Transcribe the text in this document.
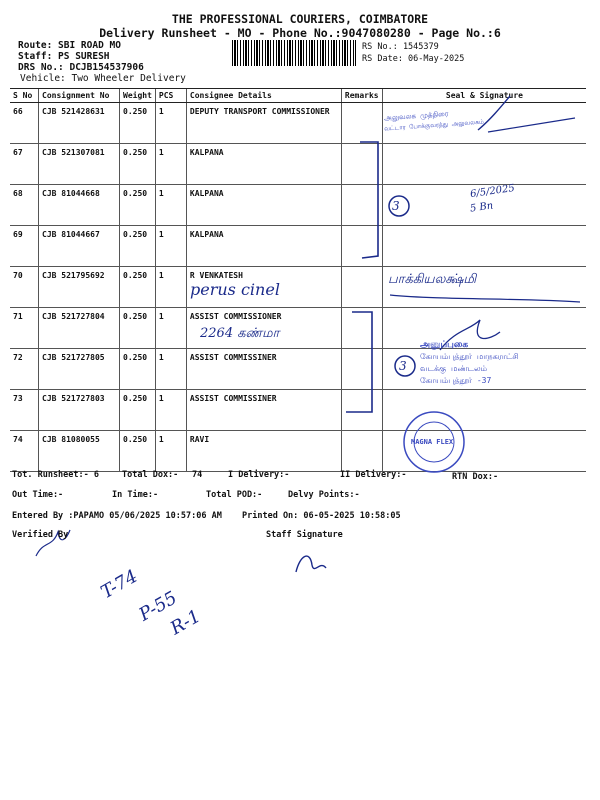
THE PROFESSIONAL COURIERS, COIMBATORE
Delivery Runsheet - MO - Phone No.:9047080280 - Page No.:6
Route: SBI ROAD MO
Staff: PS SURESH
DRS No.: DCJB154537906
Vehicle: Two Wheeler Delivery
RS No.: 1545379
RS Date: 06-May-2025
S No	Consignment No	Weight	PCS	Consignee Details	Remarks	Seal & Signature
66	CJB 521428631	0.250	1	DEPUTY TRANSPORT COMMISSIONER		
67	CJB 521307081	0.250	1	KALPANA		
68	CJB 81044668	0.250	1	KALPANA		
69	CJB 81044667	0.250	1	KALPANA		
70	CJB 521795692	0.250	1	R VENKATESH		
71	CJB 521727804	0.250	1	ASSIST COMMISSIONER		
72	CJB 521727805	0.250	1	ASSIST COMMISSINER		
73	CJB 521727803	0.250	1	ASSIST COMMISSINER		
74	CJB 81080055	0.250	1	RAVI		
3
3
6/5/2025
5 Bn
perus cinel
பாக்கியலக்ஷ்மி
2264 கண்மா
அலுவலக முத்திரை
வட்டார போக்குவரத்து அலுவலகம்
அனுப்புகை
கோயம்புத்தூர் மாநகராட்சி
வடக்கு மண்டலம்
கோயம்புத்தூர் -37
MAGNA FLEX
Tot. Runsheet:- 6	Total Dox:- 74	I Delivery:-	II Delivery:-	RTN Dox:-
Out Time:-	In Time:-	Total POD:-	Delvy Points:-
Entered By :PAPAMO 05/06/2025 10:57:06 AM Printed On: 06-05-2025 10:58:05
Verified By	Staff Signature
T-74
P-55
R-1
